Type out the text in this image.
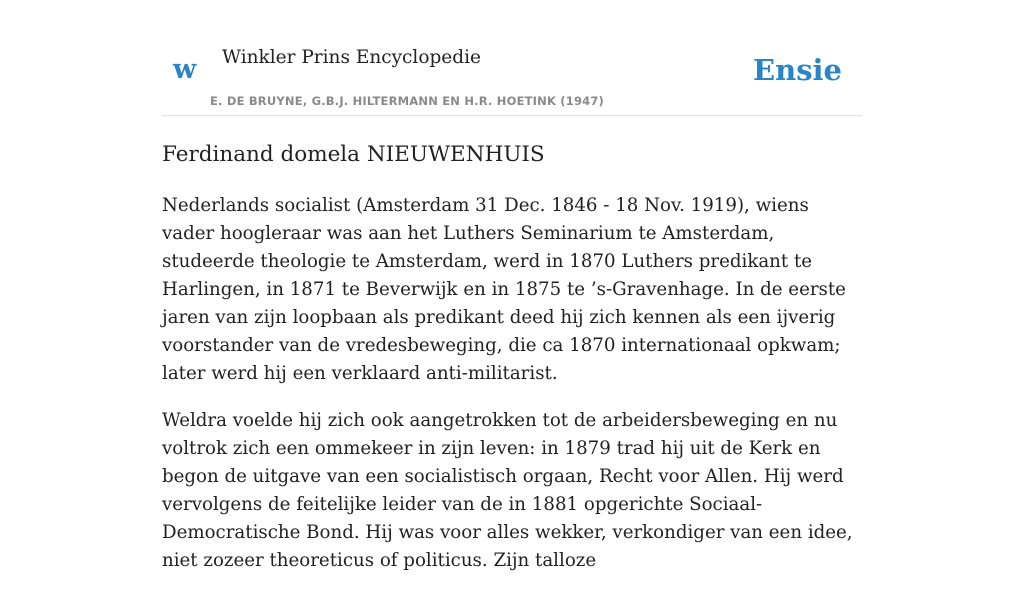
w Winkler Prins Encyclopedie
E. DE BRUYNE, G.B.J. HILTERMANN EN H.R. HOETINK (1947)
Ensie
Ferdinand domela NIEUWENHUIS

Nederlands socialist (Amsterdam 31 Dec. 1846 - 18 Nov. 1919), wiens vader hoogleraar was aan het Luthers Seminarium te Amsterdam, studeerde theologie te Amsterdam, werd in 1870 Luthers predikant te Harlingen, in 1871 te Beverwijk en in 1875 te ’s-Gravenhage. In de eerste jaren van zijn loopbaan als predikant deed hij zich kennen als een ijverig voorstander van de vredesbeweging, die ca 1870 internationaal opkwam; later werd hij een verklaard anti-militarist.

Weldra voelde hij zich ook aangetrokken tot de arbeidersbeweging en nu voltrok zich een ommekeer in zijn leven: in 1879 trad hij uit de Kerk en begon de uitgave van een socialistisch orgaan, Recht voor Allen. Hij werd vervolgens de feitelijke leider van de in 1881 opgerichte Sociaal-Democratische Bond. Hij was voor alles wekker, verkondiger van een idee, niet zozeer theoreticus of politicus. Zijn talloze
